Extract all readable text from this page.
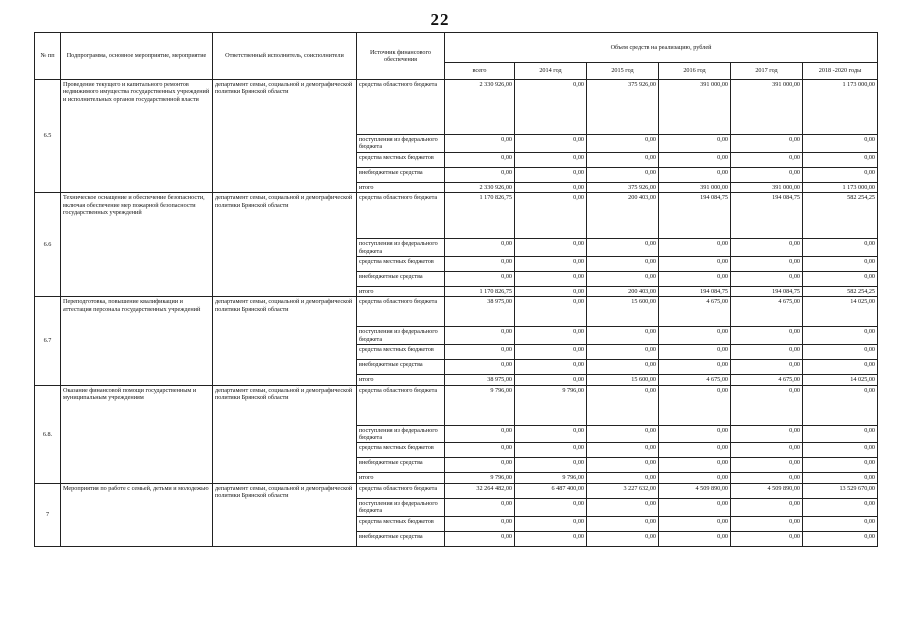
22
№ пп	Подпрограмма, основное мероприятие, мероприятие	Ответственный исполнитель, соисполнители	Источник финансового обеспечения	Объем средств на реализацию, рублей					
				всего	2014 год	2015 год	2016 год	2017 год	2018 -2020 годы
6.5	Проведение текущего и капитального ремонтов недвижимого имущества государственных учреждений и исполнительных органов государственной власти	департамент семьи, социальной и демографической политики Брянской области	средства областного бюджета	2 330 926,00	0,00	375 926,00	391 000,00	391 000,00	1 173 000,00
			поступления из федерального бюджета	0,00	0,00	0,00	0,00	0,00	0,00
			средства местных бюджетов	0,00	0,00	0,00	0,00	0,00	0,00
			внебюджетные средства	0,00	0,00	0,00	0,00	0,00	0,00
			итого	2 330 926,00	0,00	375 926,00	391 000,00	391 000,00	1 173 000,00
6.6	Техническое оснащение и обеспечение безопасности, включая обеспечение мер пожарной безопасности государственных учреждений	департамент семьи, социальной и демографической политики Брянской области	средства областного бюджета	1 170 826,75	0,00	200 403,00	194 084,75	194 084,75	582 254,25
			поступления из федерального бюджета	0,00	0,00	0,00	0,00	0,00	0,00
			средства местных бюджетов	0,00	0,00	0,00	0,00	0,00	0,00
			внебюджетные средства	0,00	0,00	0,00	0,00	0,00	0,00
			итого	1 170 826,75	0,00	200 403,00	194 084,75	194 084,75	582 254,25
6.7	Переподготовка, повышение квалификации и аттестация персонала государственных учреждений	департамент семьи, социальной и демографической политики Брянской области	средства областного бюджета	38 975,00	0,00	15 600,00	4 675,00	4 675,00	14 025,00
			поступления из федерального бюджета	0,00	0,00	0,00	0,00	0,00	0,00
			средства местных бюджетов	0,00	0,00	0,00	0,00	0,00	0,00
			внебюджетные средства	0,00	0,00	0,00	0,00	0,00	0,00
			итого	38 975,00	0,00	15 600,00	4 675,00	4 675,00	14 025,00
6.8.	Оказание финансовой помощи государственным и муниципальным учреждениям	департамент семьи, социальной и демографической политики Брянской области	средства областного бюджета	9 796,00	9 796,00	0,00	0,00	0,00	0,00
			поступления из федерального бюджета	0,00	0,00	0,00	0,00	0,00	0,00
			средства местных бюджетов	0,00	0,00	0,00	0,00	0,00	0,00
			внебюджетные средства	0,00	0,00	0,00	0,00	0,00	0,00
			итого	9 796,00	9 796,00	0,00	0,00	0,00	0,00
7	Мероприятия по работе с семьей, детьми и молодежью	департамент семьи, социальной и демографической политики Брянской области	средства областного бюджета	32 264 482,00	6 487 400,00	3 227 632,00	4 509 890,00	4 509 890,00	13 529 670,00
			поступления из федерального бюджета	0,00	0,00	0,00	0,00	0,00	0,00
			средства местных бюджетов	0,00	0,00	0,00	0,00	0,00	0,00
			внебюджетные средства	0,00	0,00	0,00	0,00	0,00	0,00
